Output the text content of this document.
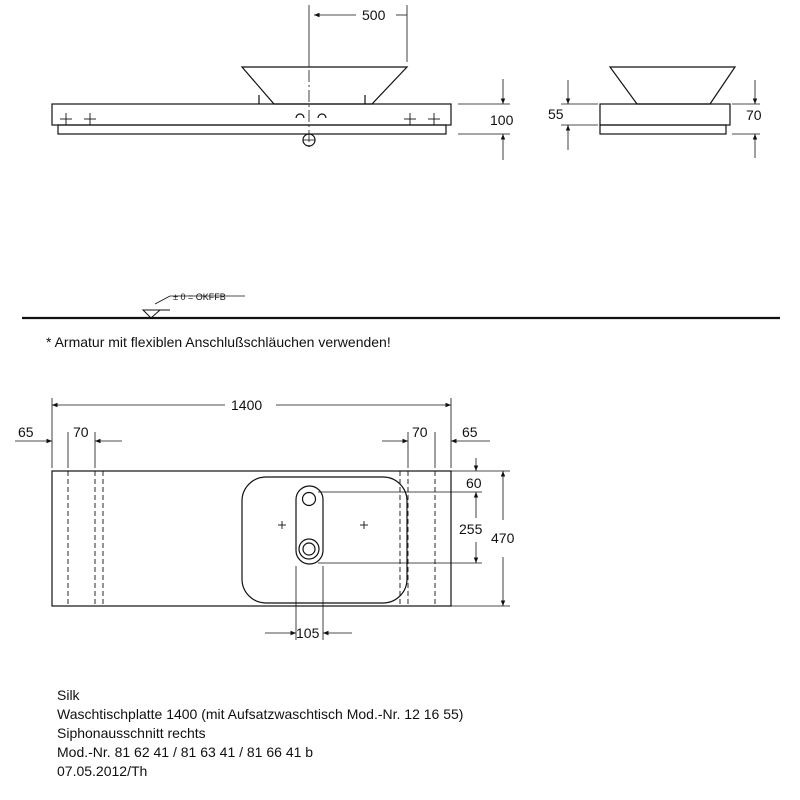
500
100 55	70
± 0 = OKFFB
1400
65	70	70 65
60
255
470
105
* Armatur mit flexiblen Anschlußschläuchen verwenden!
Silk
Waschtischplatte 1400 (mit Aufsatzwaschtisch Mod.-Nr. 12 16 55)
Siphonausschnitt rechts
Mod.-Nr. 81 62 41 / 81 63 41 / 81 66 41 b
07.05.2012/Th
